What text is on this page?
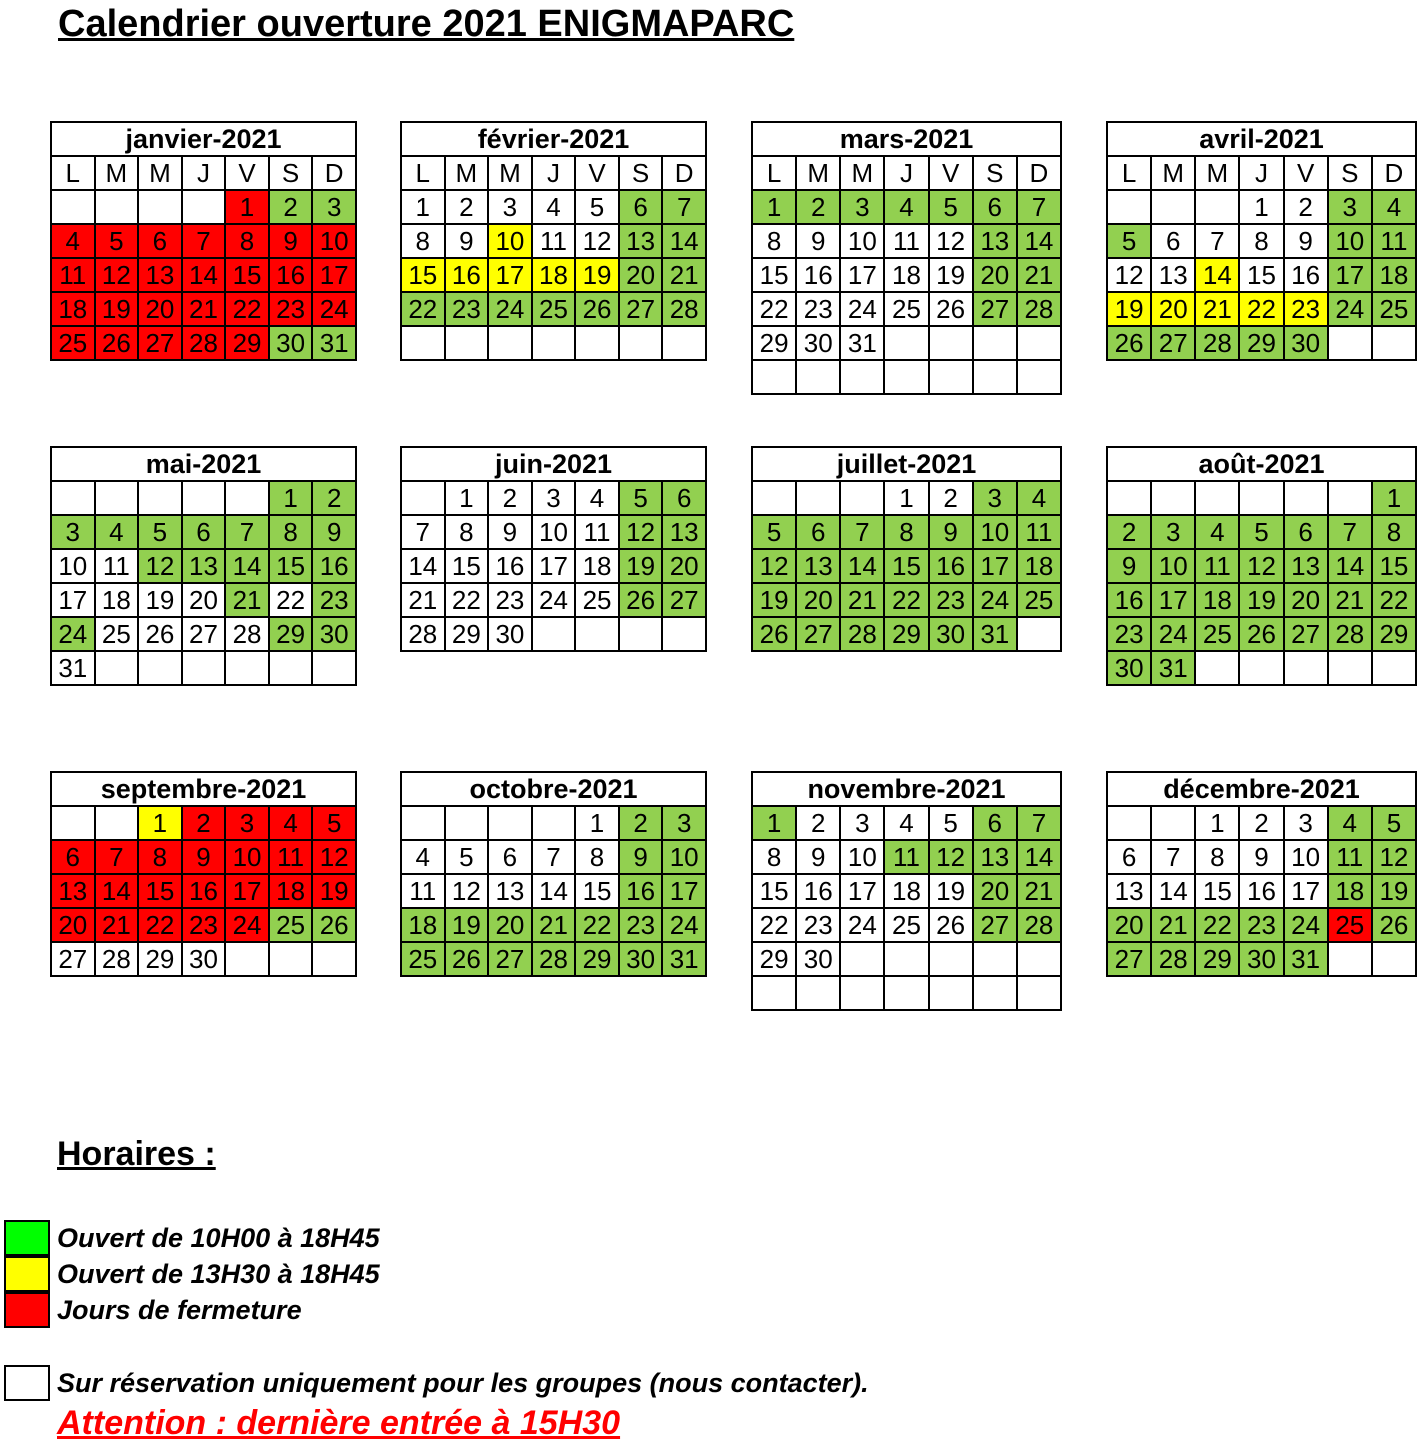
Calendrier ouverture 2021 ENIGMAPARC
janvier-2021						
L	M	M	J	V	S	D
				1	2	3
4	5	6	7	8	9	10
11	12	13	14	15	16	17
18	19	20	21	22	23	24
25	26	27	28	29	30	31
février-2021						
L	M	M	J	V	S	D
1	2	3	4	5	6	7
8	9	10	11	12	13	14
15	16	17	18	19	20	21
22	23	24	25	26	27	28

mars-2021						
L	M	M	J	V	S	D
1	2	3	4	5	6	7
8	9	10	11	12	13	14
15	16	17	18	19	20	21
22	23	24	25	26	27	28
29	30	31				

avril-2021						
L	M	M	J	V	S	D
			1	2	3	4
5	6	7	8	9	10	11
12	13	14	15	16	17	18
19	20	21	22	23	24	25
26	27	28	29	30		
mai-2021						
					1	2
3	4	5	6	7	8	9
10	11	12	13	14	15	16
17	18	19	20	21	22	23
24	25	26	27	28	29	30
31						
juin-2021						
	1	2	3	4	5	6
7	8	9	10	11	12	13
14	15	16	17	18	19	20
21	22	23	24	25	26	27
28	29	30				
juillet-2021						
			1	2	3	4
5	6	7	8	9	10	11
12	13	14	15	16	17	18
19	20	21	22	23	24	25
26	27	28	29	30	31	
août-2021						
						1
2	3	4	5	6	7	8
9	10	11	12	13	14	15
16	17	18	19	20	21	22
23	24	25	26	27	28	29
30	31					
septembre-2021						
		1	2	3	4	5
6	7	8	9	10	11	12
13	14	15	16	17	18	19
20	21	22	23	24	25	26
27	28	29	30			
octobre-2021						
				1	2	3
4	5	6	7	8	9	10
11	12	13	14	15	16	17
18	19	20	21	22	23	24
25	26	27	28	29	30	31
novembre-2021						
1	2	3	4	5	6	7
8	9	10	11	12	13	14
15	16	17	18	19	20	21
22	23	24	25	26	27	28
29	30					

décembre-2021						
		1	2	3	4	5
6	7	8	9	10	11	12
13	14	15	16	17	18	19
20	21	22	23	24	25	26
27	28	29	30	31		
Horaires :
Ouvert de 10H00 à 18H45
Ouvert de 13H30 à 18H45
Jours de fermeture
Sur réservation uniquement pour les groupes (nous contacter).
Attention : dernière entrée à 15H30
